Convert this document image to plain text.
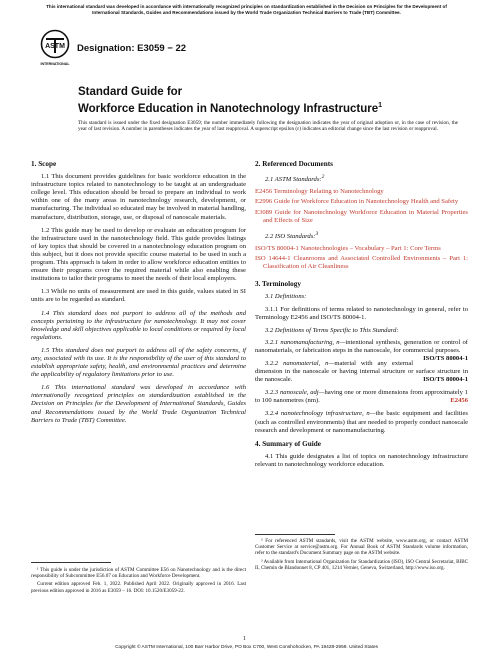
This international standard was developed in accordance with internationally recognized principles on standardization established in the Decision on Principles for the Development of International Standards, Guides and Recommendations issued by the World Trade Organization Technical Barriers to Trade (TBT) Committee.
ASTM
INTERNATIONAL
Designation: E3059 − 22
Standard Guide for
Workforce Education in Nanotechnology Infrastructure$^1$
This standard is issued under the fixed designation E3059; the number immediately following the designation indicates the year of original adoption or, in the case of revision, the year of last revision. A number in parentheses indicates the year of last reapproval. A superscript epsilon (ε) indicates an editorial change since the last revision or reapproval.
1. Scope

1.1 This document provides guidelines for basic workforce education in the infrastructure topics related to nanotechnology to be taught at an undergraduate college level. This education should be broad to prepare an individual to work within one of the many areas in nanotechnology research, development, or manufacturing. The individual so educated may be involved in material handling, manufacture, distribution, storage, use, or disposal of nanoscale materials.

1.2 This guide may be used to develop or evaluate an education program for the infrastructure used in the nanotechnology field. This guide provides listings of key topics that should be covered in a nanotechnology education program on this subject, but it does not provide specific course material to be used in such a program. This approach is taken in order to allow workforce education entities to ensure their programs cover the required material while also enabling these institutions to tailor their programs to meet the needs of their local employers.

1.3 While no units of measurement are used in this guide, values stated in SI units are to be regarded as standard.

1.4 This standard does not purport to address all of the methods and concepts pertaining to the infrastructure for nanotechnology. It may not cover knowledge and skill objectives applicable to local conditions or required by local regulations.

1.5 This standard does not purport to address all of the safety concerns, if any, associated with its use. It is the responsibility of the user of this standard to establish appropriate safety, health, and environmental practices and determine the applicability of regulatory limitations prior to use.

1.6 This international standard was developed in accordance with internationally recognized principles on standardization established in the Decision on Principles for the Development of International Standards, Guides and Recommendations issued by the World Trade Organization Technical Barriers to Trade (TBT) Committee.

2. Referenced Documents
2.1 ASTM Standards:$^2$
E2456 Terminology Relating to Nanotechnology
E2996 Guide for Workforce Education in Nanotechnology Health and Safety
E3089 Guide for Nanotechnology Workforce Education in Material Properties and Effects of Size
2.2 ISO Standards:$^3$
ISO/TS 80004-1 Nanotechnologies – Vocabulary – Part 1: Core Terms
ISO 14644-1 Cleanrooms and Associated Controlled Environments – Part 1: Classification of Air Cleanliness
3. Terminology
3.1 Definitions:

3.1.1 For definitions of terms related to nanotechnology in general, refer to Terminology E2456 and ISO/TS 80004-1.

3.2 Definitions of Terms Specific to This Standard:

3.2.1 nanomanufacturing, n—intentional synthesis, generation or control of nanomaterials, or fabrication steps in the nanoscale, for commercial purposes.
ISO/TS 80004-1

3.2.2 nanomaterial, n—material with any external dimension in the nanoscale or having internal structure or surface structure in the nanoscale.	ISO/TS 80004-1

3.2.3 nanoscale, adj—having one or more dimensions from approximately 1 to 100 nanometres (nm).	E2456

3.2.4 nanotechnology infrastructure, n—the basic equipment and facilities (such as controlled environments) that are needed to properly conduct nanoscale research and development or nanomanufacturing.

4. Summary of Guide

4.1 This guide designates a list of topics on nanotechnology infrastructure relevant to nanotechnology workforce education.

¹ This guide is under the jurisdiction of ASTM Committee E56 on Nanotechnology and is the direct responsibility of Subcommittee E56.07 on Education and Workforce Development.
Current edition approved Feb. 1, 2022. Published April 2022. Originally approved in 2016. Last previous edition approved in 2016 as E3059 – 16. DOI: 10.1520/E3059-22.
² For referenced ASTM standards, visit the ASTM website, www.astm.org, or contact ASTM Customer Service at service@astm.org. For Annual Book of ASTM Standards volume information, refer to the standard's Document Summary page on the ASTM website.
³ Available from International Organization for Standardization (ISO), ISO Central Secretariat, BIBC II, Chemin de Blandonnet 8, CP 401, 1214 Vernier, Geneva, Switzerland, http://www.iso.org.
1
Copyright © ASTM International, 100 Barr Harbor Drive, PO Box C700, West Conshohocken, PA 19428-2959. United States
